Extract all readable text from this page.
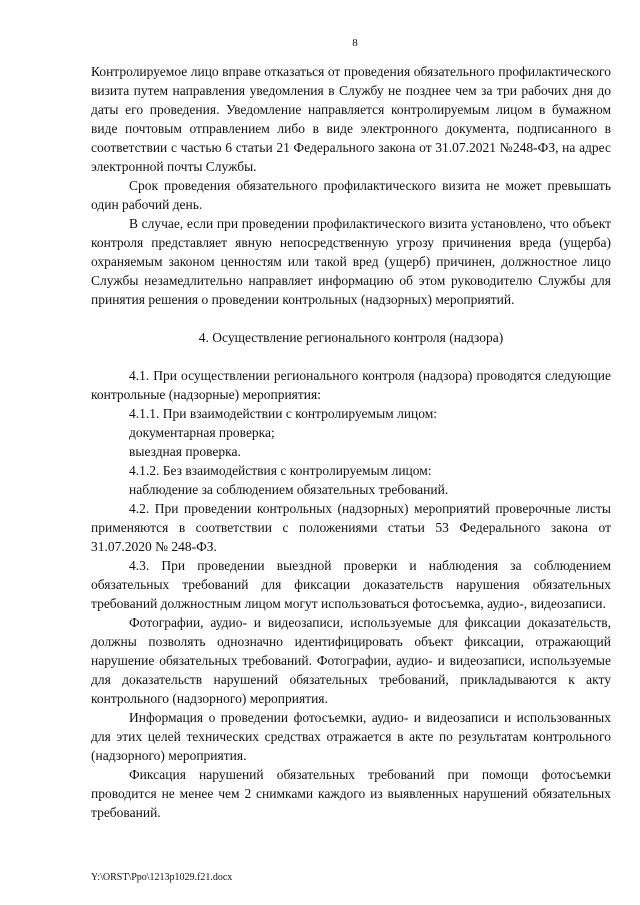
8

Контролируемое лицо вправе отказаться от проведения обязательного профилактического визита путем направления уведомления в Службу не позднее чем за три рабочих дня до даты его проведения. Уведомление направляется контролируемым лицом в бумажном виде почтовым отправлением либо в виде электронного документа, подписанного в соответствии с частью 6 статьи 21 Федерального закона от 31.07.2021 №248-ФЗ, на адрес электронной почты Службы.

Срок проведения обязательного профилактического визита не может превышать один рабочий день.

В случае, если при проведении профилактического визита установлено, что объект контроля представляет явную непосредственную угрозу причинения вреда (ущерба) охраняемым законом ценностям или такой вред (ущерб) причинен, должностное лицо Службы незамедлительно направляет информацию об этом руководителю Службы для принятия решения о проведении контрольных (надзорных) мероприятий.

4. Осуществление регионального контроля (надзора)

4.1. При осуществлении регионального контроля (надзора) проводятся следующие контрольные (надзорные) мероприятия:

4.1.1. При взаимодействии с контролируемым лицом:

документарная проверка;

выездная проверка.

4.1.2. Без взаимодействия с контролируемым лицом:

наблюдение за соблюдением обязательных требований.

4.2. При проведении контрольных (надзорных) мероприятий проверочные листы применяются в соответствии с положениями статьи 53 Федерального закона от 31.07.2020 № 248-ФЗ.

4.3. При проведении выездной проверки и наблюдения за соблюдением обязательных требований для фиксации доказательств нарушения обязательных требований должностным лицом могут использоваться фотосъемка, аудио-, видеозаписи.

Фотографии, аудио- и видеозаписи, используемые для фиксации доказательств, должны позволять однозначно идентифицировать объект фиксации, отражающий нарушение обязательных требований. Фотографии, аудио- и видеозаписи, используемые для доказательств нарушений обязательных требований, прикладываются к акту контрольного (надзорного) мероприятия.

Информация о проведении фотосъемки, аудио- и видеозаписи и использованных для этих целей технических средствах отражается в акте по результатам контрольного (надзорного) мероприятия.

Фиксация нарушений обязательных требований при помощи фотосъемки проводится не менее чем 2 снимками каждого из выявленных нарушений обязательных требований.

Y:\ORST\Ppo\1213p1029.f21.docx
